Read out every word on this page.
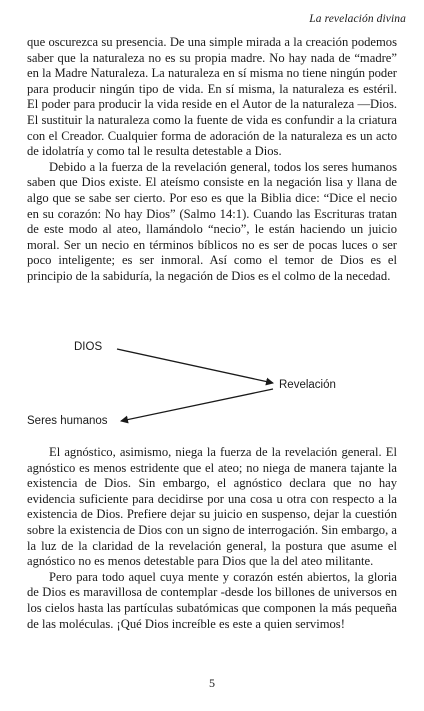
La revelación divina

que oscurezca su presencia. De una simple mirada a la creación podemos saber que la naturaleza no es su propia madre. No hay nada de “madre” en la Madre Naturaleza. La naturaleza en sí misma no tiene ningún poder para producir ningún tipo de vida. En sí misma, la naturaleza es estéril. El poder para producir la vida reside en el Autor de la naturaleza —Dios. El sustituir la naturaleza como la fuente de vida es confundir a la criatura con el Creador. Cualquier forma de adoración de la naturaleza es un acto de idolatría y como tal le resulta detestable a Dios.

Debido a la fuerza de la revelación general, todos los seres humanos saben que Dios existe. El ateísmo consiste en la negación lisa y llana de algo que se sabe ser cierto. Por eso es que la Biblia dice: “Dice el necio en su corazón: No hay Dios” (Salmo 14:1). Cuando las Escrituras tratan de este modo al ateo, llamándolo “necio”, le están haciendo un juicio moral. Ser un necio en términos bíblicos no es ser de pocas luces o ser poco inteligente; es ser inmoral. Así como el temor de Dios es el principio de la sabiduría, la negación de Dios es el colmo de la necedad.

DIOS
Revelación
Seres humanos

El agnóstico, asimismo, niega la fuerza de la revelación general. El agnóstico es menos estridente que el ateo; no niega de manera tajante la existencia de Dios. Sin embargo, el agnóstico declara que no hay evidencia suficiente para decidirse por una cosa u otra con respecto a la existencia de Dios. Prefiere dejar su juicio en suspenso, dejar la cuestión sobre la existencia de Dios con un signo de interrogación. Sin embargo, a la luz de la claridad de la revelación general, la postura que asume el agnóstico no es menos detestable para Dios que la del ateo militante.

Pero para todo aquel cuya mente y corazón estén abiertos, la gloria de Dios es maravillosa de contemplar -desde los billones de universos en los cielos hasta las partículas subatómicas que componen la más pequeña de las moléculas. ¡Qué Dios increíble es este a quien servimos!

5
